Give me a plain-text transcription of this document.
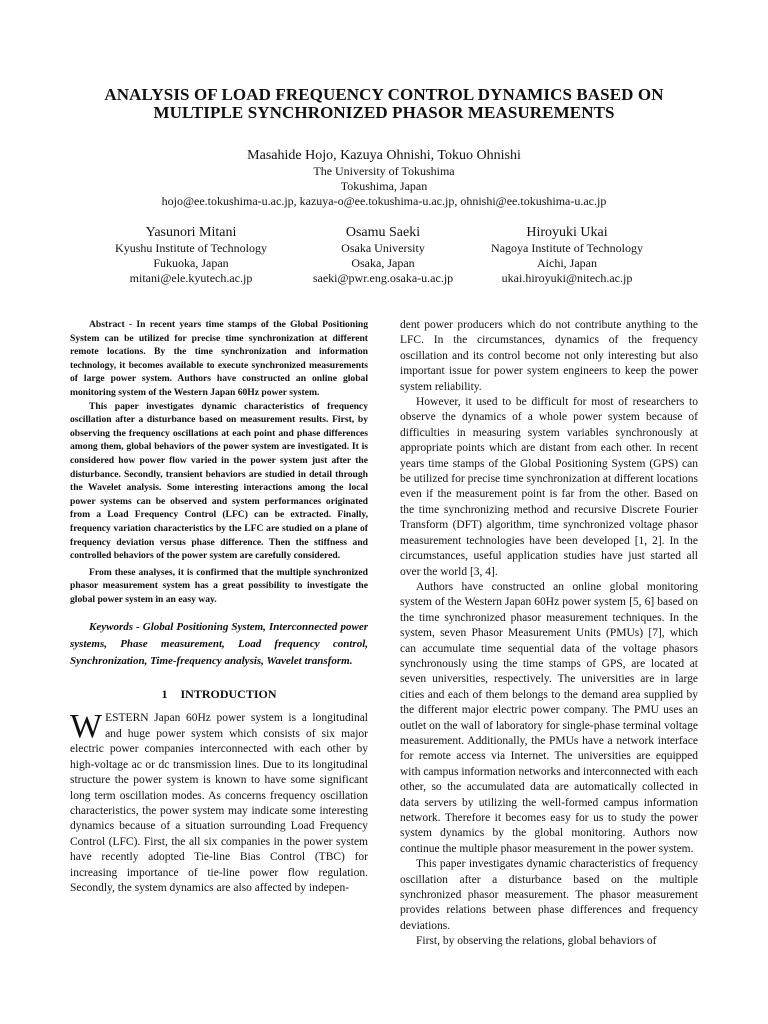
ANALYSIS OF LOAD FREQUENCY CONTROL DYNAMICS BASED ON
MULTIPLE SYNCHRONIZED PHASOR MEASUREMENTS
Masahide Hojo, Kazuya Ohnishi, Tokuo Ohnishi
The University of Tokushima
Tokushima, Japan
hojo@ee.tokushima-u.ac.jp, kazuya-o@ee.tokushima-u.ac.jp, ohnishi@ee.tokushima-u.ac.jp
Yasunori Mitani
Kyushu Institute of Technology
Fukuoka, Japan
mitani@ele.kyutech.ac.jp
Osamu Saeki
Osaka University
Osaka, Japan
saeki@pwr.eng.osaka-u.ac.jp
Hiroyuki Ukai
Nagoya Institute of Technology
Aichi, Japan
ukai.hiroyuki@nitech.ac.jp

Abstract - In recent years time stamps of the Global Positioning System can be utilized for precise time synchronization at different remote locations. By the time synchronization and information technology, it becomes available to execute synchronized measurements of large power system. Authors have constructed an online global monitoring system of the Western Japan 60Hz power system.

This paper investigates dynamic characteristics of frequency oscillation after a disturbance based on measurement results. First, by observing the frequency oscillations at each point and phase differences among them, global behaviors of the power system are investigated. It is considered how power flow varied in the power system just after the disturbance. Secondly, transient behaviors are studied in detail through the Wavelet analysis. Some interesting interactions among the local power systems can be observed and system performances originated from a Load Frequency Control (LFC) can be extracted. Finally, frequency variation characteristics by the LFC are studied on a plane of frequency deviation versus phase difference. Then the stiffness and controlled behaviors of the power system are carefully considered.

From these analyses, it is confirmed that the multiple synchronized phasor measurement system has a great possibility to investigate the global power system in an easy way.

Keywords - Global Positioning System, Interconnected power systems, Phase measurement, Load frequency control, Synchronization, Time-frequency analysis, Wavelet transform.

1 INTRODUCTION

W ESTERN Japan 60Hz power system is a longitudinal and huge power system which consists of six major electric power companies interconnected with each other by high-voltage ac or dc transmission lines. Due to its longitudinal structure the power system is known to have some significant long term oscillation modes. As concerns frequency oscillation characteristics, the power system may indicate some interesting dynamics because of a situation surrounding Load Frequency Control (LFC). First, the all six companies in the power system have recently adopted Tie-line Bias Control (TBC) for increasing importance of tie-line power flow regulation. Secondly, the system dynamics are also affected by indepen-

dent power producers which do not contribute anything to the LFC. In the circumstances, dynamics of the frequency oscillation and its control become not only interesting but also important issue for power system engineers to keep the power system reliability.

However, it used to be difficult for most of researchers to observe the dynamics of a whole power system because of difficulties in measuring system variables synchronously at appropriate points which are distant from each other. In recent years time stamps of the Global Positioning System (GPS) can be utilized for precise time synchronization at different locations even if the measurement point is far from the other. Based on the time synchronizing method and recursive Discrete Fourier Transform (DFT) algorithm, time synchronized voltage phasor measurement technologies have been developed [1, 2]. In the circumstances, useful application studies have just started all over the world [3, 4].

Authors have constructed an online global monitoring system of the Western Japan 60Hz power system [5, 6] based on the time synchronized phasor measurement techniques. In the system, seven Phasor Measurement Units (PMUs) [7], which can accumulate time sequential data of the voltage phasors synchronously using the time stamps of GPS, are located at seven universities, respectively. The universities are in large cities and each of them belongs to the demand area supplied by the different major electric power company. The PMU uses an outlet on the wall of laboratory for single-phase terminal voltage measurement. Additionally, the PMUs have a network interface for remote access via Internet. The universities are equipped with campus information networks and interconnected with each other, so the accumulated data are automatically collected in data servers by utilizing the well-formed campus information network. Therefore it becomes easy for us to study the power system dynamics by the global monitoring. Authors now continue the multiple phasor measurement in the power system.

This paper investigates dynamic characteristics of frequency oscillation after a disturbance based on the multiple synchronized phasor measurement. The phasor measurement provides relations between phase differences and frequency deviations.

First, by observing the relations, global behaviors of
